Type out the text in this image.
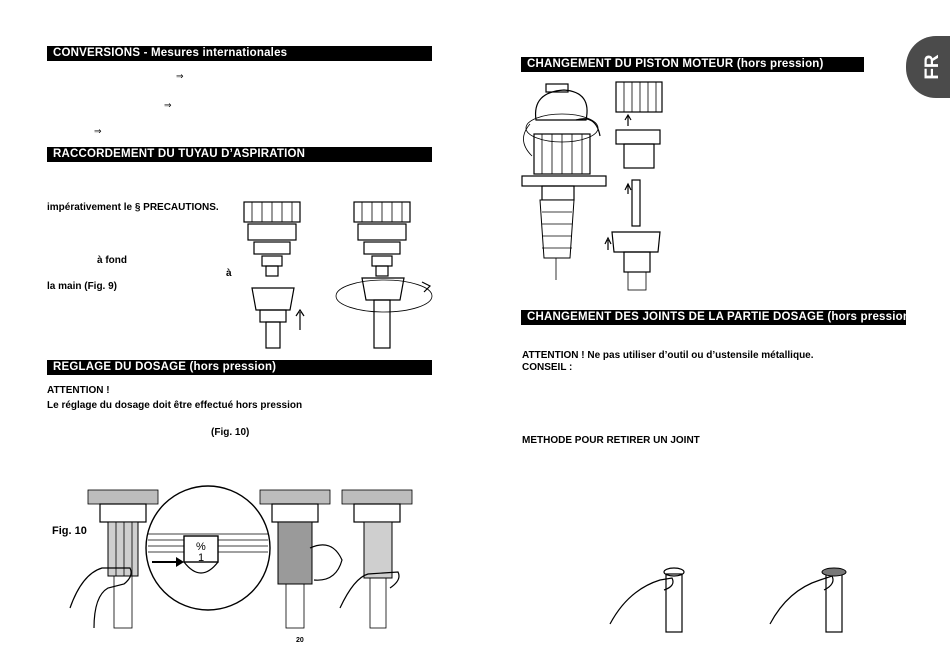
FR
CONVERSIONS - Mesures internationales
⇒
⇒
⇒
RACCORDEMENT DU TUYAU D’ASPIRATION
impérativement le § PRECAUTIONS.
à fond
à
la main (Fig. 9)
REGLAGE DU DOSAGE (hors pression)
ATTENTION !
Le réglage du dosage doit être effectué hors pression
(Fig. 10)
Fig. 10
%
1
20
CHANGEMENT DU PISTON MOTEUR (hors pression)
CHANGEMENT DES JOINTS DE LA PARTIE DOSAGE (hors pression)
ATTENTION ! Ne pas utiliser d’outil ou d’ustensile métallique.
CONSEIL :
METHODE POUR RETIRER UN JOINT
